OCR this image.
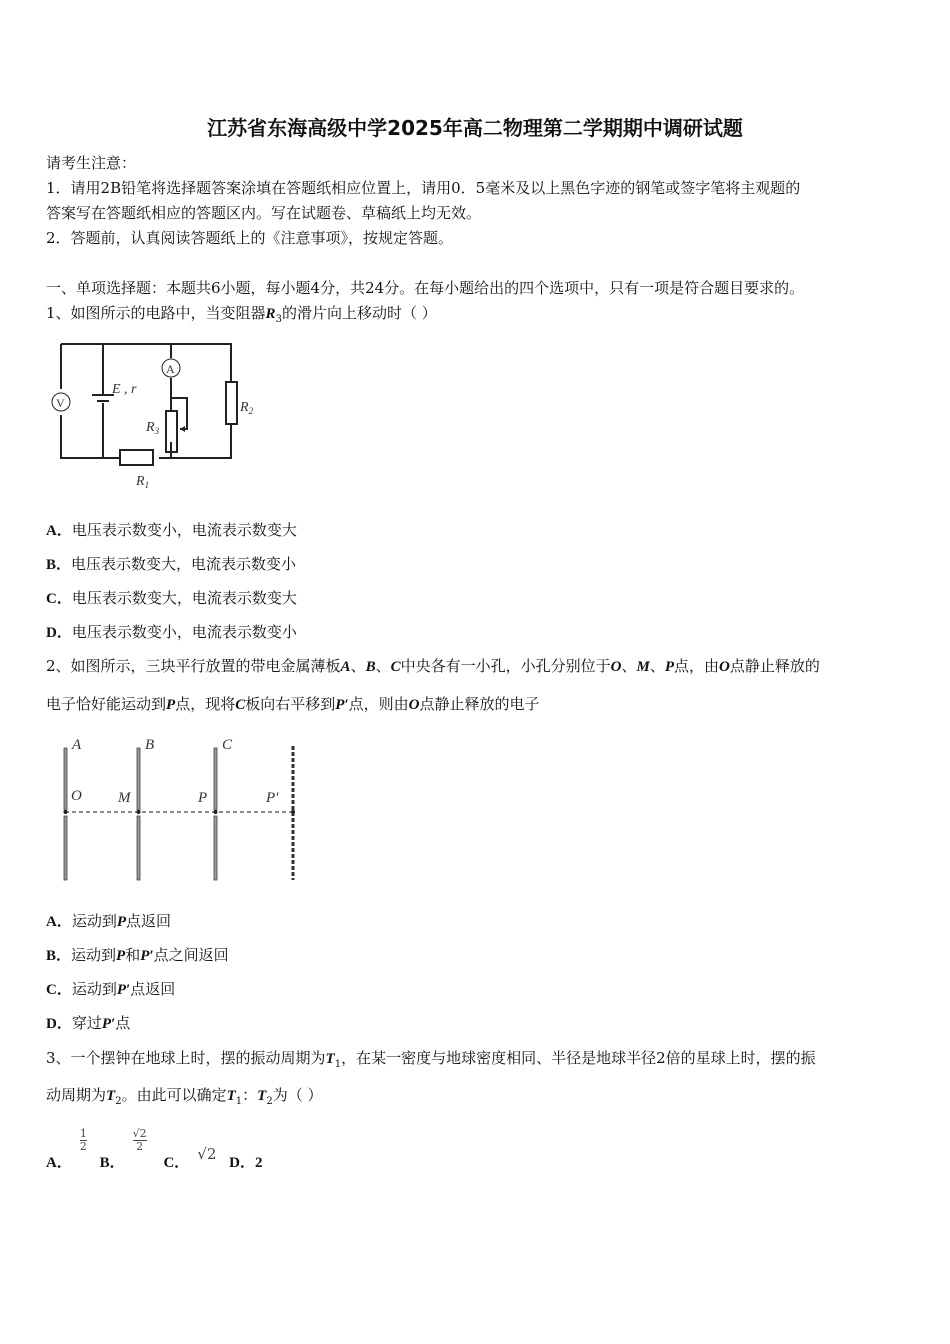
江苏省东海高级中学2025年高二物理第二学期期中调研试题
请考生注意：
1．请用2B铅笔将选择题答案涂填在答题纸相应位置上，请用0．5毫米及以上黑色字迹的钢笔或签字笔将主观题的
答案写在答题纸相应的答题区内。写在试题卷、草稿纸上均无效。
2．答题前，认真阅读答题纸上的《注意事项》，按规定答题。
一、单项选择题：本题共6小题，每小题4分，共24分。在每小题给出的四个选项中，只有一项是符合题目要求的。
1、如图所示的电路中，当变阻器$R_3$的滑片向上移动时（ ）
V
A
E , r
$R_1$
$R_2$
$R_3$
A．电压表示数变小，电流表示数变大
B．电压表示数变大，电流表示数变小
C．电压表示数变大，电流表示数变大
D．电压表示数变小，电流表示数变小
2、如图所示，三块平行放置的带电金属薄板A、B、C中央各有一小孔，小孔分别位于O、M、P点，由O点静止释放的
电子恰好能运动到P点，现将C板向右平移到P′点，则由O点静止释放的电子
A	B	C
O M	P	P′
A．运动到P点返回
B．运动到P和P′点之间返回
C．运动到P′点返回
D．穿过P′点
3、一个摆钟在地球上时，摆的振动周期为$T_1$，在某一密度与地球密度相同、半径是地球半径2倍的星球上时，摆的振
动周期为$T_2$。由此可以确定$T_1$：$T_2$为（ ）
A．
$\frac{1}{2}$
B．
$\frac{√2}{2}$
C． √2 D．2
